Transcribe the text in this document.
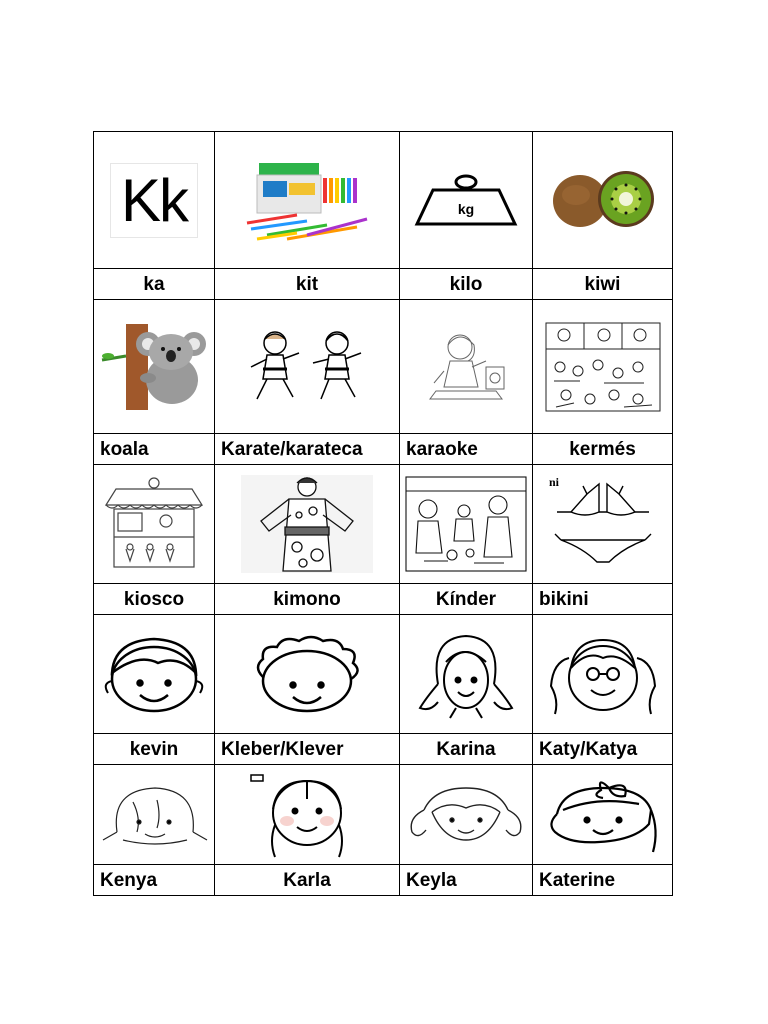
Kk		kg

ka	kit	kilo	kiwi

koala	Karate/karateca	karaoke	kermés

ni

kiosco	kimono	Kínder	bikini

kevin	Kleber/Klever	Karina	Katy/Katya

Kenya	Karla	Keyla	Katerine
